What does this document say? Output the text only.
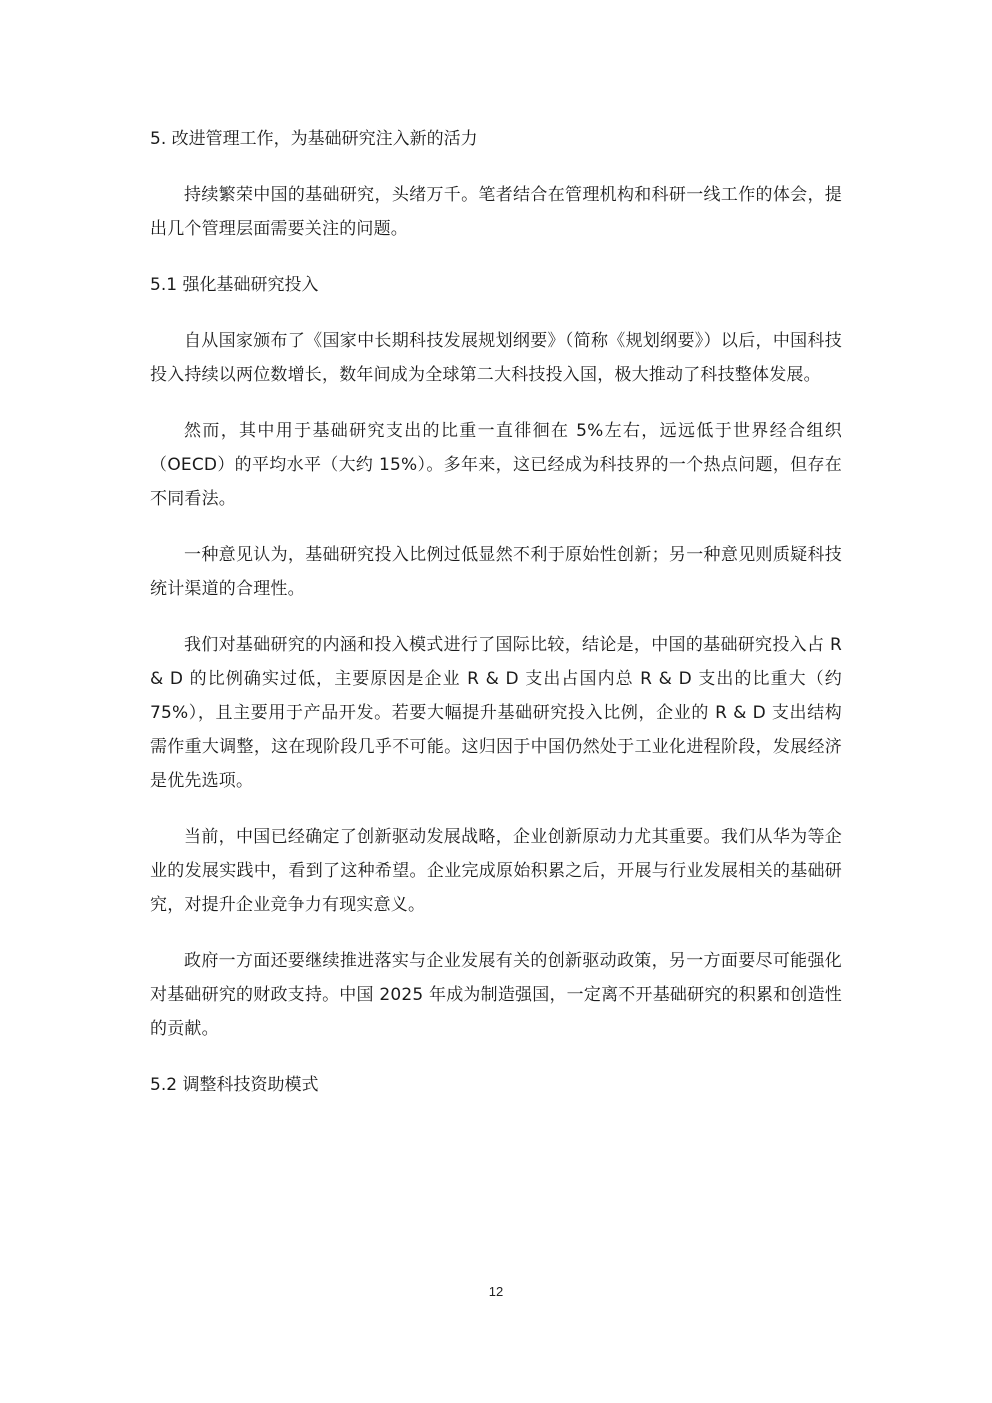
5. 改进管理工作，为基础研究注入新的活力

持续繁荣中国的基础研究，头绪万千。笔者结合在管理机构和科研一线工作的体会，提出几个管理层面需要关注的问题。

5.1 强化基础研究投入

自从国家颁布了《国家中长期科技发展规划纲要》（简称《规划纲要》）以后，中国科技投入持续以两位数增长，数年间成为全球第二大科技投入国，极大推动了科技整体发展。

然而，其中用于基础研究支出的比重一直徘徊在 5%左右，远远低于世界经合组织（OECD）的平均水平（大约 15%）。多年来，这已经成为科技界的一个热点问题，但存在不同看法。

一种意见认为，基础研究投入比例过低显然不利于原始性创新；另一种意见则质疑科技统计渠道的合理性。

我们对基础研究的内涵和投入模式进行了国际比较，结论是，中国的基础研究投入占 R & D 的比例确实过低，主要原因是企业 R & D 支出占国内总 R & D 支出的比重大（约 75%），且主要用于产品开发。若要大幅提升基础研究投入比例，企业的 R & D 支出结构需作重大调整，这在现阶段几乎不可能。这归因于中国仍然处于工业化进程阶段，发展经济是优先选项。

当前，中国已经确定了创新驱动发展战略，企业创新原动力尤其重要。我们从华为等企业的发展实践中，看到了这种希望。企业完成原始积累之后，开展与行业发展相关的基础研究，对提升企业竞争力有现实意义。

政府一方面还要继续推进落实与企业发展有关的创新驱动政策，另一方面要尽可能强化对基础研究的财政支持。中国 2025 年成为制造强国，一定离不开基础研究的积累和创造性的贡献。

5.2 调整科技资助模式
12
